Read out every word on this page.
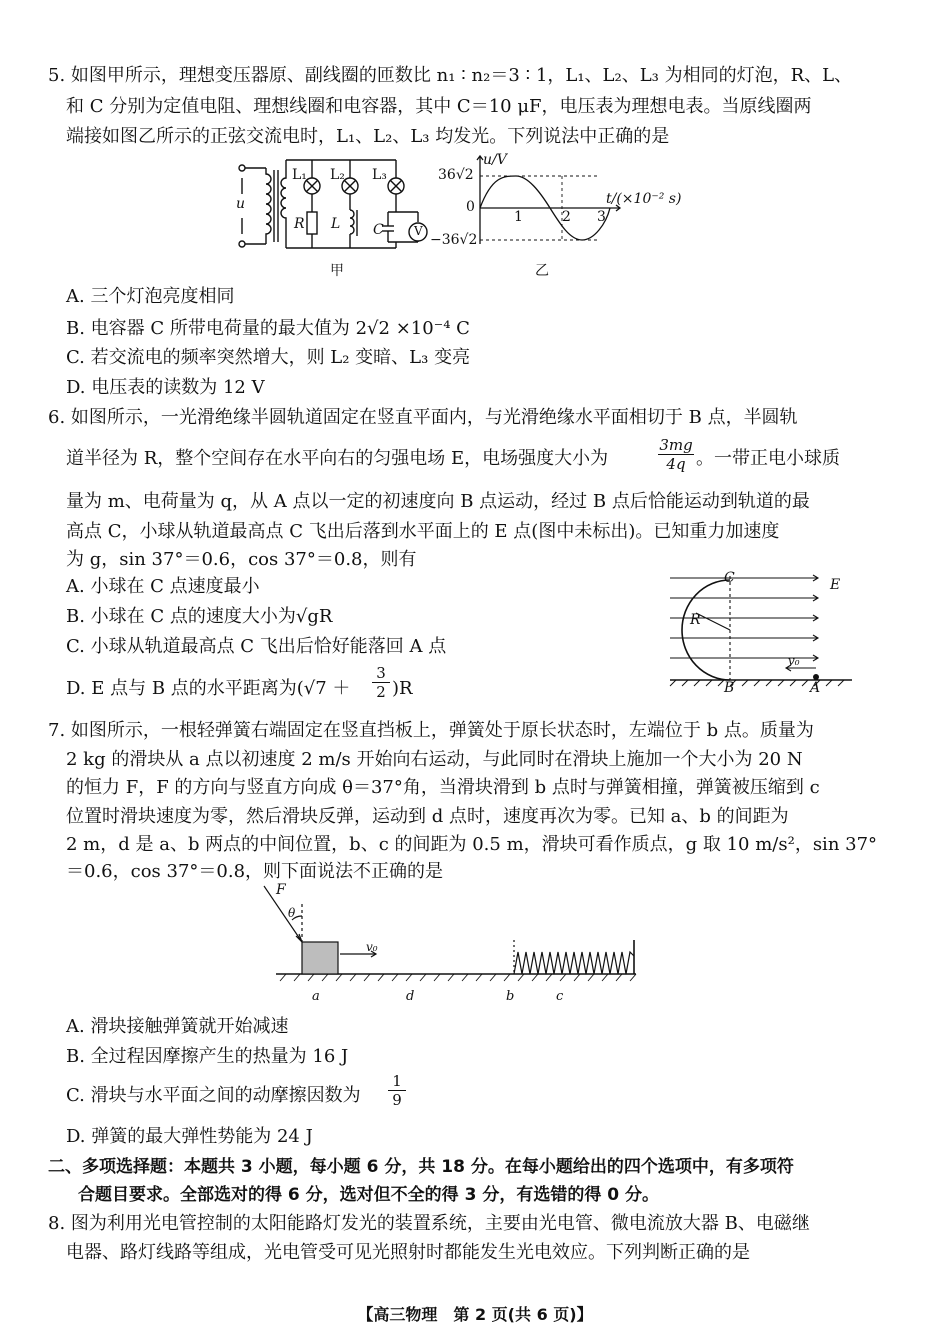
5. 如图甲所示，理想变压器原、副线圈的匝数比 n₁ ∶ n₂＝3 ∶ 1，L₁、L₂、L₃ 为相同的灯泡，R、L、
和 C 分别为定值电阻、理想线圈和电容器，其中 C＝10 μF，电压表为理想电表。当原线圈两
端接如图乙所示的正弦交流电时，L₁、L₂、L₃ 均发光。下列说法中正确的是
u
L₁ L₂ L₃
R L C	V
甲
u/V
t/(×10⁻² s)
36√2
0
−36√2
1	2 3
乙
A. 三个灯泡亮度相同
B. 电容器 C 所带电荷量的最大值为 2√2 ×10⁻⁴ C
C. 若交流电的频率突然增大，则 L₂ 变暗、L₃ 变亮
D. 电压表的读数为 12 V
6. 如图所示，一光滑绝缘半圆轨道固定在竖直平面内，与光滑绝缘水平面相切于 B 点，半圆轨
道半径为 R，整个空间存在水平向右的匀强电场 E，电场强度大小为	$\frac{3mg}{4q}$ 。一带正电小球质
量为 m、电荷量为 q，从 A 点以一定的初速度向 B 点运动，经过 B 点后恰能运动到轨道的最
高点 C，小球从轨道最高点 C 飞出后落到水平面上的 E 点(图中未标出)。已知重力加速度
为 g，sin 37°＝0.6，cos 37°＝0.8，则有
A. 小球在 C 点速度最小
B. 小球在 C 点的速度大小为√gR
C. 小球从轨道最高点 C 飞出后恰好能落回 A 点
D. E 点与 B 点的水平距离为$(√7 + \frac{3}{2} )R$
C	E
R
B	A
v₀
7. 如图所示，一根轻弹簧右端固定在竖直挡板上，弹簧处于原长状态时，左端位于 b 点。质量为
2 kg 的滑块从 a 点以初速度 2 m/s 开始向右运动，与此同时在滑块上施加一个大小为 20 N
的恒力 F，F 的方向与竖直方向成 θ＝37°角，当滑块滑到 b 点时与弹簧相撞，弹簧被压缩到 c
位置时滑块速度为零，然后滑块反弹，运动到 d 点时，速度再次为零。已知 a、b 的间距为
2 m，d 是 a、b 两点的中间位置，b、c 的间距为 0.5 m，滑块可看作质点，g 取 10 m/s²，sin 37°
＝0.6，cos 37°＝0.8，则下面说法不正确的是
F
θ
v₀
a	d	b	c
A. 滑块接触弹簧就开始减速
B. 全过程因摩擦产生的热量为 16 J
C. 滑块与水平面之间的动摩擦因数为 $\frac{1}{9}$
D. 弹簧的最大弹性势能为 24 J
二、多项选择题：本题共 3 小题，每小题 6 分，共 18 分。在每小题给出的四个选项中，有多项符
合题目要求。全部选对的得 6 分，选对但不全的得 3 分，有选错的得 0 分。
8. 图为利用光电管控制的太阳能路灯发光的装置系统，主要由光电管、微电流放大器 B、电磁继
电器、路灯线路等组成，光电管受可见光照射时都能发生光电效应。下列判断正确的是
【高三物理　第 2 页(共 6 页)】
